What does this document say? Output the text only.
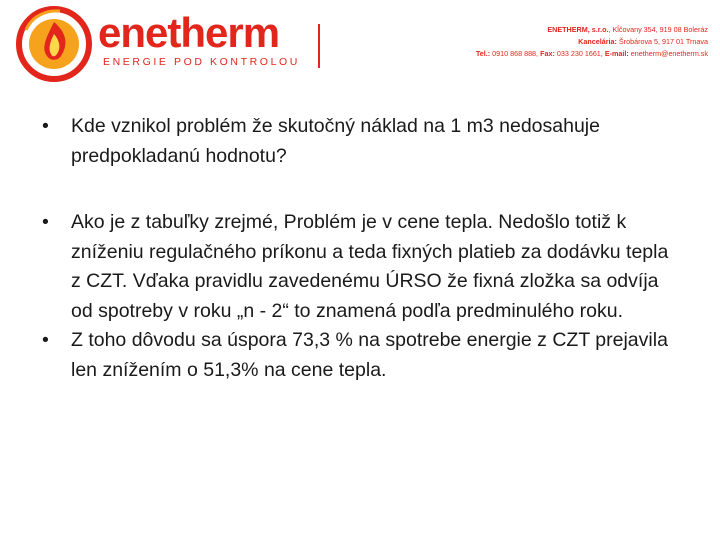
enetherm
ENERGIE POD KONTROLOU
ENETHERM, s.r.o., Kĺčovany 354, 919 08 Boleráz
Kancelária: Šrobárova 5, 917 01 Trnava
Tel.: 0910 868 888, Fax: 033 230 1661, E-mail: enetherm@enetherm.sk
• Kde vznikol problém že skutočný náklad na 1 m3 nedosahuje predpokladanú hodnotu?
• Ako je z tabuľky zrejmé, Problém je v cene tepla. Nedošlo totiž k zníženiu regulačného príkonu a teda fixných platieb za dodávku tepla z CZT. Vďaka pravidlu zavedenému ÚRSO že fixná zložka sa odvíja od spotreby v roku „n - 2“ to znamená podľa predminulého roku.
• Z toho dôvodu sa úspora 73,3 % na spotrebe energie z CZT prejavila len znížením o 51,3% na cene tepla.
